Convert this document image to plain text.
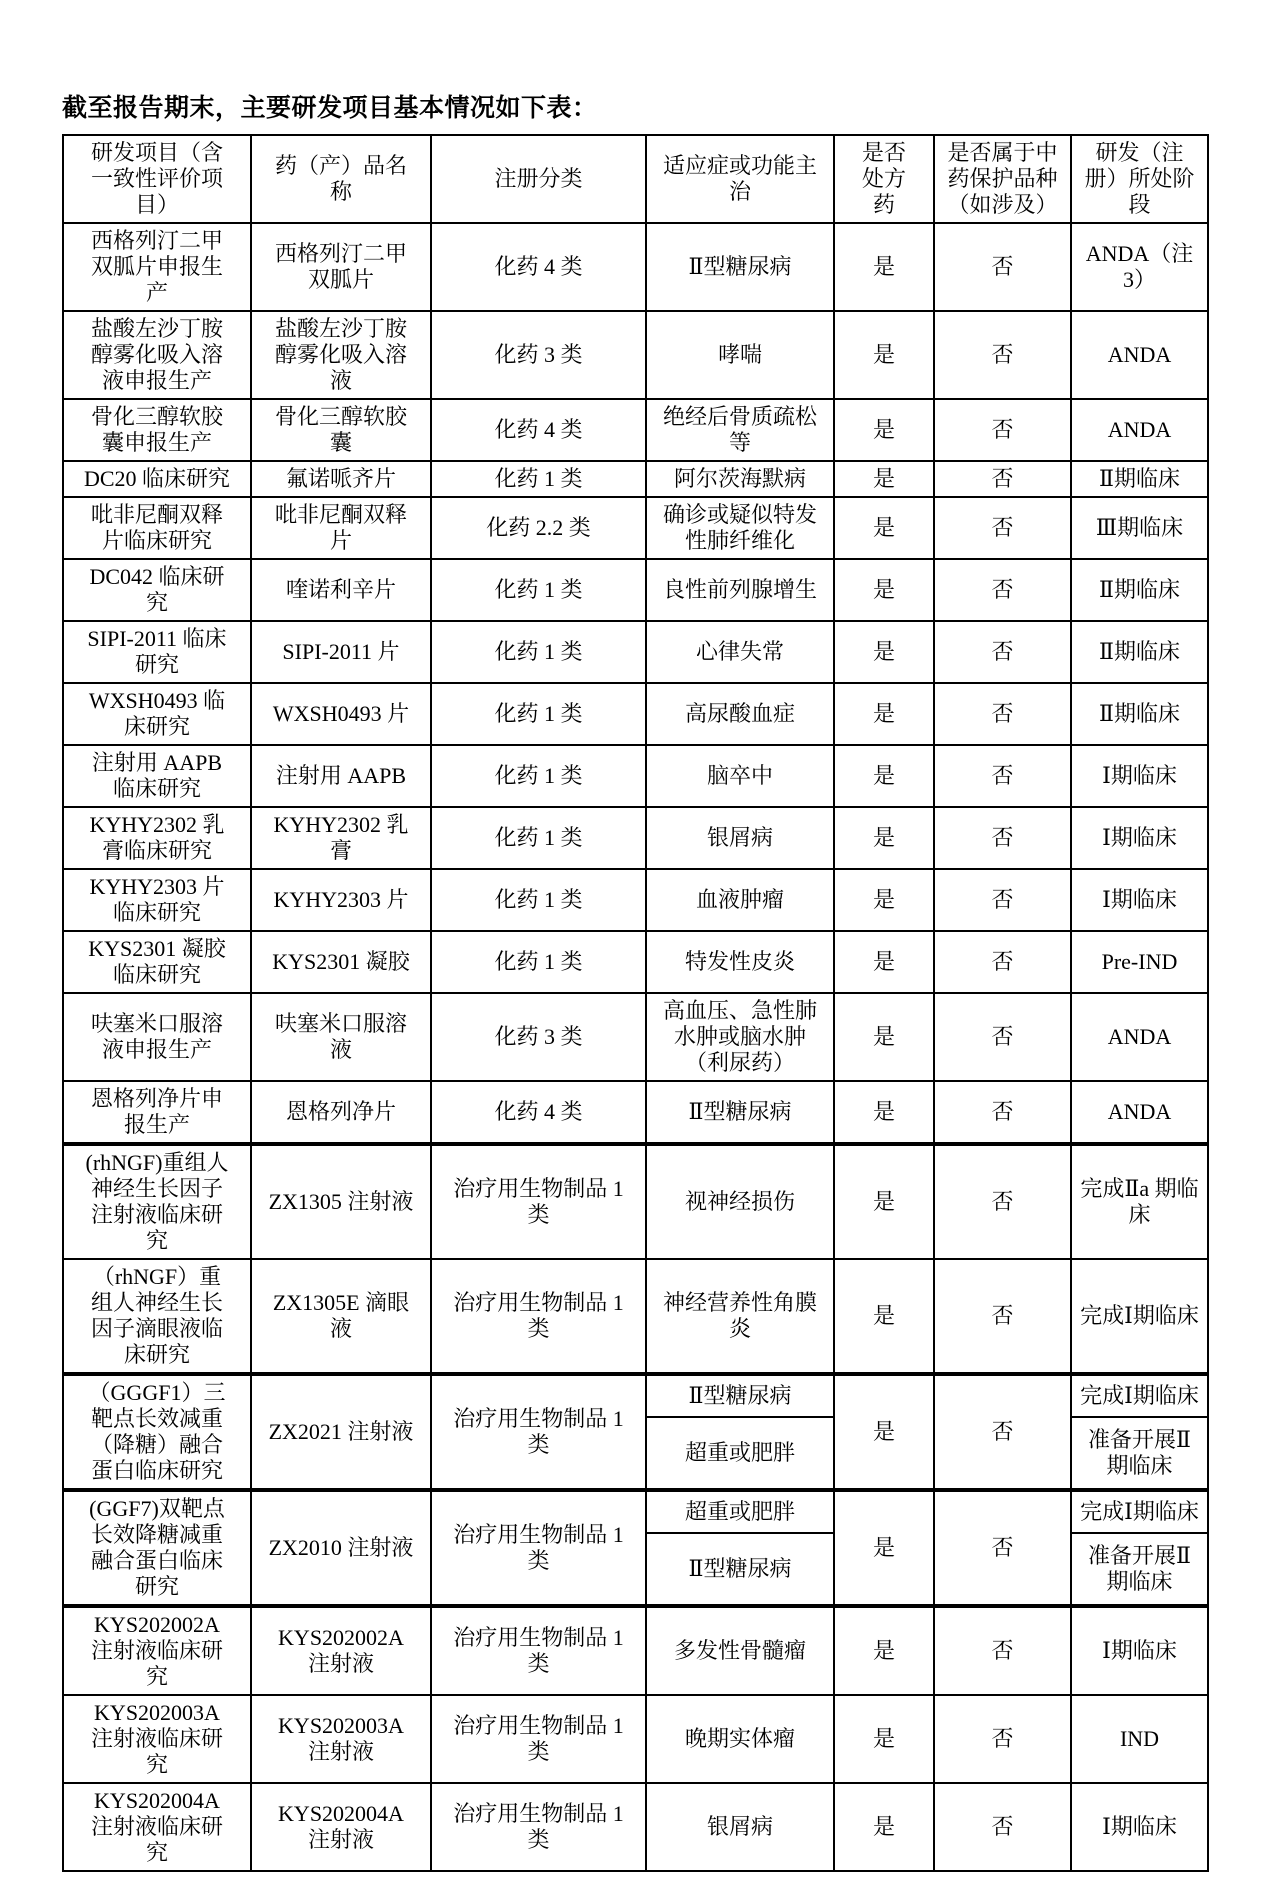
截至报告期末，主要研发项目基本情况如下表：
研发项目（含一致性评价项目）	药（产）品名称	注册分类	适应症或功能主治	是否处方药	是否属于中药保护品种（如涉及）	研发（注册）所处阶段
西格列汀二甲双胍片申报生产	西格列汀二甲双胍片	化药 4 类	Ⅱ型糖尿病	是	否	ANDA（注3）
盐酸左沙丁胺醇雾化吸入溶液申报生产	盐酸左沙丁胺醇雾化吸入溶液	化药 3 类	哮喘	是	否	ANDA
骨化三醇软胶囊申报生产	骨化三醇软胶囊	化药 4 类	绝经后骨质疏松等	是	否	ANDA
DC20 临床研究	氟诺哌齐片	化药 1 类	阿尔茨海默病	是	否	Ⅱ期临床
吡非尼酮双释片临床研究	吡非尼酮双释片	化药 2.2 类	确诊或疑似特发性肺纤维化	是	否	Ⅲ期临床
DC042 临床研究	喹诺利辛片	化药 1 类	良性前列腺增生	是	否	Ⅱ期临床
SIPI-2011 临床研究	SIPI-2011 片	化药 1 类	心律失常	是	否	Ⅱ期临床
WXSH0493 临床研究	WXSH0493 片	化药 1 类	高尿酸血症	是	否	Ⅱ期临床
注射用 AAPB 临床研究	注射用 AAPB	化药 1 类	脑卒中	是	否	Ⅰ期临床
KYHY2302 乳膏临床研究	KYHY2302 乳膏	化药 1 类	银屑病	是	否	Ⅰ期临床
KYHY2303 片临床研究	KYHY2303 片	化药 1 类	血液肿瘤	是	否	Ⅰ期临床
KYS2301 凝胶临床研究	KYS2301 凝胶	化药 1 类	特发性皮炎	是	否	Pre-IND
呋塞米口服溶液申报生产	呋塞米口服溶液	化药 3 类	高血压、急性肺水肿或脑水肿（利尿药）	是	否	ANDA
恩格列净片申报生产	恩格列净片	化药 4 类	Ⅱ型糖尿病	是	否	ANDA
(rhNGF)重组人神经生长因子注射液临床研究	ZX1305 注射液	治疗用生物制品 1 类	视神经损伤	是	否	完成Ⅱa 期临床
（rhNGF）重组人神经生长因子滴眼液临床研究	ZX1305E 滴眼液	治疗用生物制品 1 类	神经营养性角膜炎	是	否	完成Ⅰ期临床
（GGGF1）三靶点长效减重（降糖）融合蛋白临床研究	ZX2021 注射液	治疗用生物制品 1 类	Ⅱ型糖尿病	是	否	完成Ⅰ期临床
			超重或肥胖			准备开展Ⅱ期临床
(GGF7)双靶点长效降糖减重融合蛋白临床研究	ZX2010 注射液	治疗用生物制品 1 类	超重或肥胖	是	否	完成Ⅰ期临床
			Ⅱ型糖尿病			准备开展Ⅱ期临床
KYS202002A 注射液临床研究	KYS202002A 注射液	治疗用生物制品 1 类	多发性骨髓瘤	是	否	Ⅰ期临床
KYS202003A 注射液临床研究	KYS202003A 注射液	治疗用生物制品 1 类	晚期实体瘤	是	否	IND
KYS202004A 注射液临床研究	KYS202004A 注射液	治疗用生物制品 1 类	银屑病	是	否	Ⅰ期临床
